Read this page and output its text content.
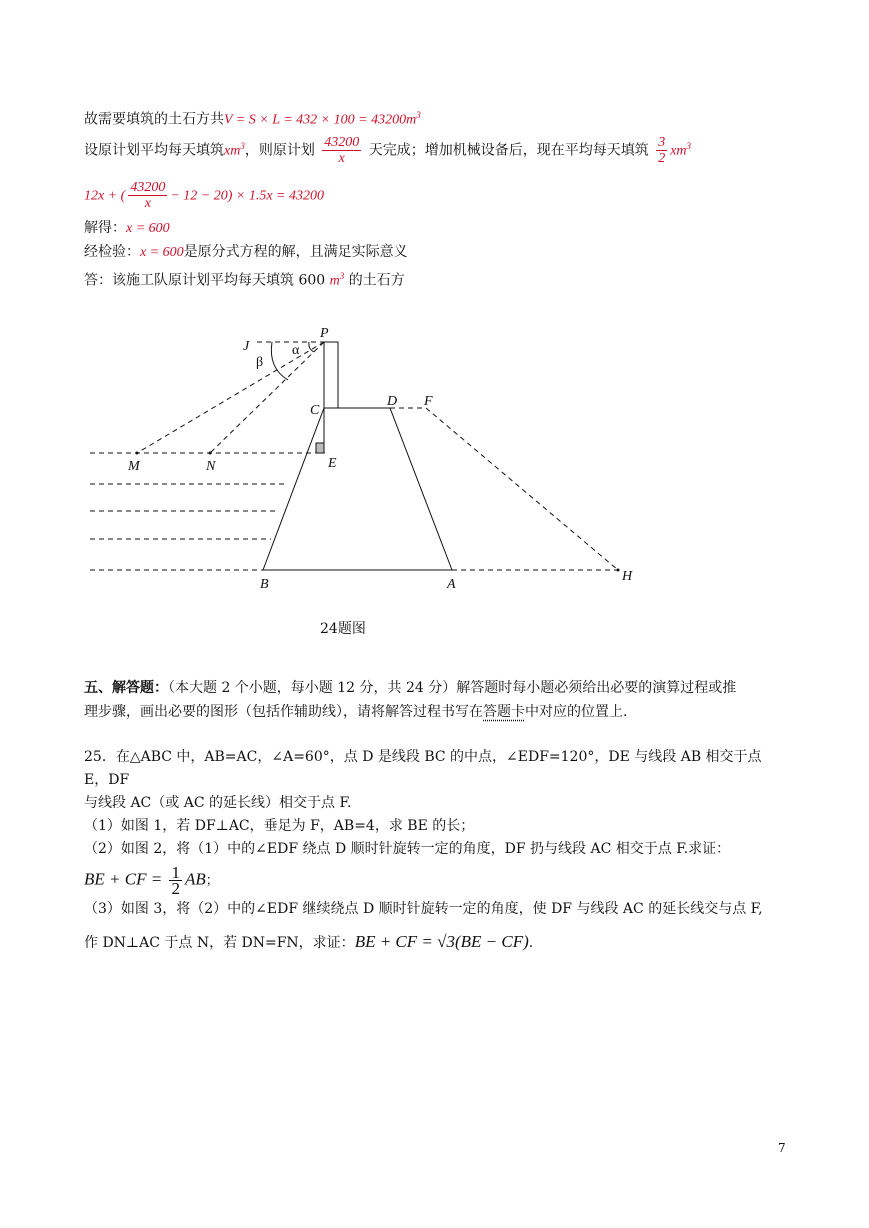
故需要填筑的土石方共$V = S \times L = 432 \times 100 = 43200m^3$
设原计划平均每天填筑$xm^3$，则原计划 $\frac{43200}{x}$ 天完成；增加机械设备后，现在平均每天填筑 $\frac{3}{2} xm^3$
12x + ( $\frac{43200}{x} - 12 - 20) \times 1.5x = 43200$
解得：x = 600
经检验：x = 600是原分式方程的解，且满足实际意义
答：该施工队原计划平均每天填筑 600 $m^3$ 的土石方
J
P
α
β
C
D F
E
M	N
B	A
H
24题图
五、解答题：（本大题 2 个小题，每小题 12 分，共 24 分）解答题时每小题必须给出必要的演算过程或推
理步骤，画出必要的图形（包括作辅助线），请将解答过程书写在答题卡中对应的位置上.
25．在△ABC 中，AB=AC，∠A=60°，点 D 是线段 BC 的中点，∠EDF=120°，DE 与线段 AB 相交于点 E，DF
与线段 AC（或 AC 的延长线）相交于点 F.
（1）如图 1，若 DF⊥AC，垂足为 F，AB=4，求 BE 的长；
（2）如图 2，将（1）中的∠EDF 绕点 D 顺时针旋转一定的角度，DF 扔与线段 AC 相交于点 F.求证：
BE + CF = $\frac{1}{2}$ AB；
（3）如图 3，将（2）中的∠EDF 继续绕点 D 顺时针旋转一定的角度，使 DF 与线段 AC 的延长线交与点 F,
作 DN⊥AC 于点 N，若 DN=FN，求证：BE + CF = √3(BE − CF).
7
